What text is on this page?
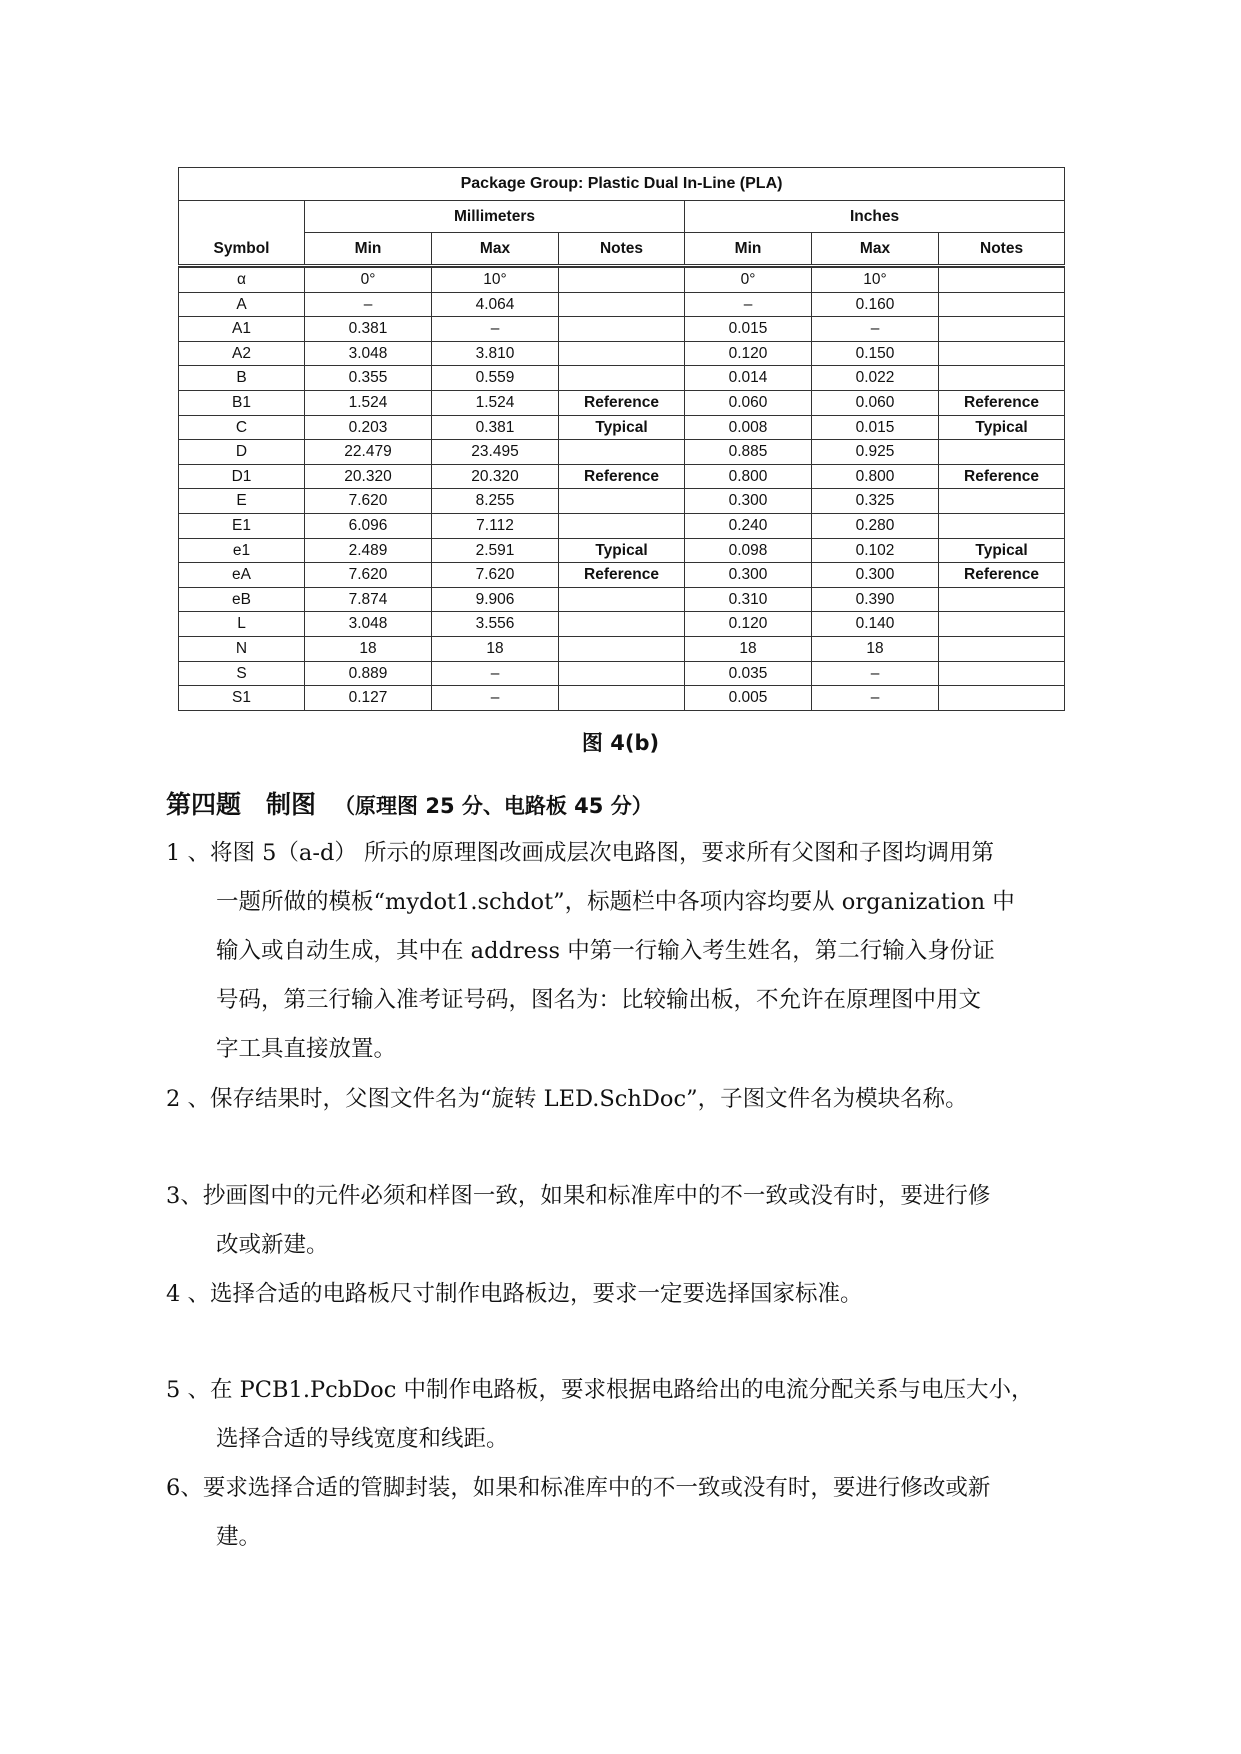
Package Group: Plastic Dual In-Line (PLA)						
Symbol	Millimeters			Inches		
	Min	Max	Notes	Min	Max	Notes

α	0°	10°		0°	10°	
A	–	4.064		–	0.160	
A1	0.381	–		0.015	–	
A2	3.048	3.810		0.120	0.150	
B	0.355	0.559		0.014	0.022	
B1	1.524	1.524	Reference	0.060	0.060	Reference
C	0.203	0.381	Typical	0.008	0.015	Typical
D	22.479	23.495		0.885	0.925	
D1	20.320	20.320	Reference	0.800	0.800	Reference
E	7.620	8.255		0.300	0.325	
E1	6.096	7.112		0.240	0.280	
e1	2.489	2.591	Typical	0.098	0.102	Typical
eA	7.620	7.620	Reference	0.300	0.300	Reference
eB	7.874	9.906		0.310	0.390	
L	3.048	3.556		0.120	0.140	
N	18	18		18	18	
S	0.889	–		0.035	–	
S1	0.127	–		0.005	–	
图 4(b)
第四题　制图 （原理图 25 分、电路板 45 分）
1 、将图 5（a-d） 所示的原理图改画成层次电路图，要求所有父图和子图均调用第
一题所做的模板“mydot1.schdot”，标题栏中各项内容均要从 organization 中
输入或自动生成，其中在 address 中第一行输入考生姓名，第二行输入身份证
号码，第三行输入准考证号码，图名为：比较输出板，不允许在原理图中用文
字工具直接放置。
2 、保存结果时，父图文件名为“旋转 LED.SchDoc”，子图文件名为模块名称。
3、抄画图中的元件必须和样图一致，如果和标准库中的不一致或没有时，要进行修
改或新建。
4 、选择合适的电路板尺寸制作电路板边，要求一定要选择国家标准。
5 、在 PCB1.PcbDoc 中制作电路板，要求根据电路给出的电流分配关系与电压大小，
选择合适的导线宽度和线距。
6、要求选择合适的管脚封装，如果和标准库中的不一致或没有时，要进行修改或新
建。
